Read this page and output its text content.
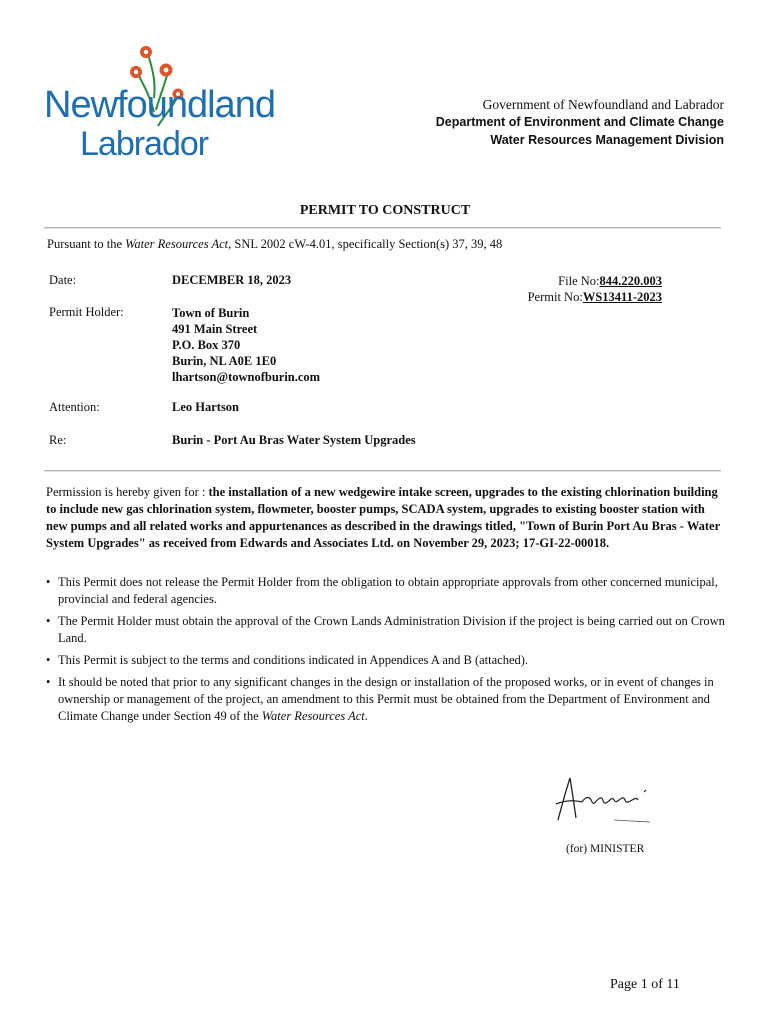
Newfoundland
Labrador
Government of Newfoundland and Labrador
Department of Environment and Climate Change
Water Resources Management Division
PERMIT TO CONSTRUCT
Pursuant to the Water Resources Act, SNL 2002 cW-4.01, specifically Section(s) 37, 39, 48
Date:	DECEMBER 18, 2023	File No:844.220.003
Permit No:WS13411-2023
Permit Holder:	Town of Burin
491 Main Street
P.O. Box 370
Burin, NL A0E 1E0
lhartson@townofburin.com
Attention:	Leo Hartson
Re:	Burin - Port Au Bras Water System Upgrades
Permission is hereby given for : the installation of a new wedgewire intake screen, upgrades to the existing chlorination building to include new gas chlorination system, flowmeter, booster pumps, SCADA system, upgrades to existing booster station with new pumps and all related works and appurtenances as described in the drawings titled, "Town of Burin Port Au Bras - Water System Upgrades" as received from Edwards and Associates Ltd. on November 29, 2023; 17-GI-22-00018.
• This Permit does not release the Permit Holder from the obligation to obtain appropriate approvals from other concerned municipal, provincial and federal agencies.
• The Permit Holder must obtain the approval of the Crown Lands Administration Division if the project is being carried out on Crown Land.
• This Permit is subject to the terms and conditions indicated in Appendices A and B (attached).
• It should be noted that prior to any significant changes in the design or installation of the proposed works, or in event of changes in ownership or management of the project, an amendment to this Permit must be obtained from the Department of Environment and Climate Change under Section 49 of the Water Resources Act.
(for) MINISTER
Page 1 of 11
